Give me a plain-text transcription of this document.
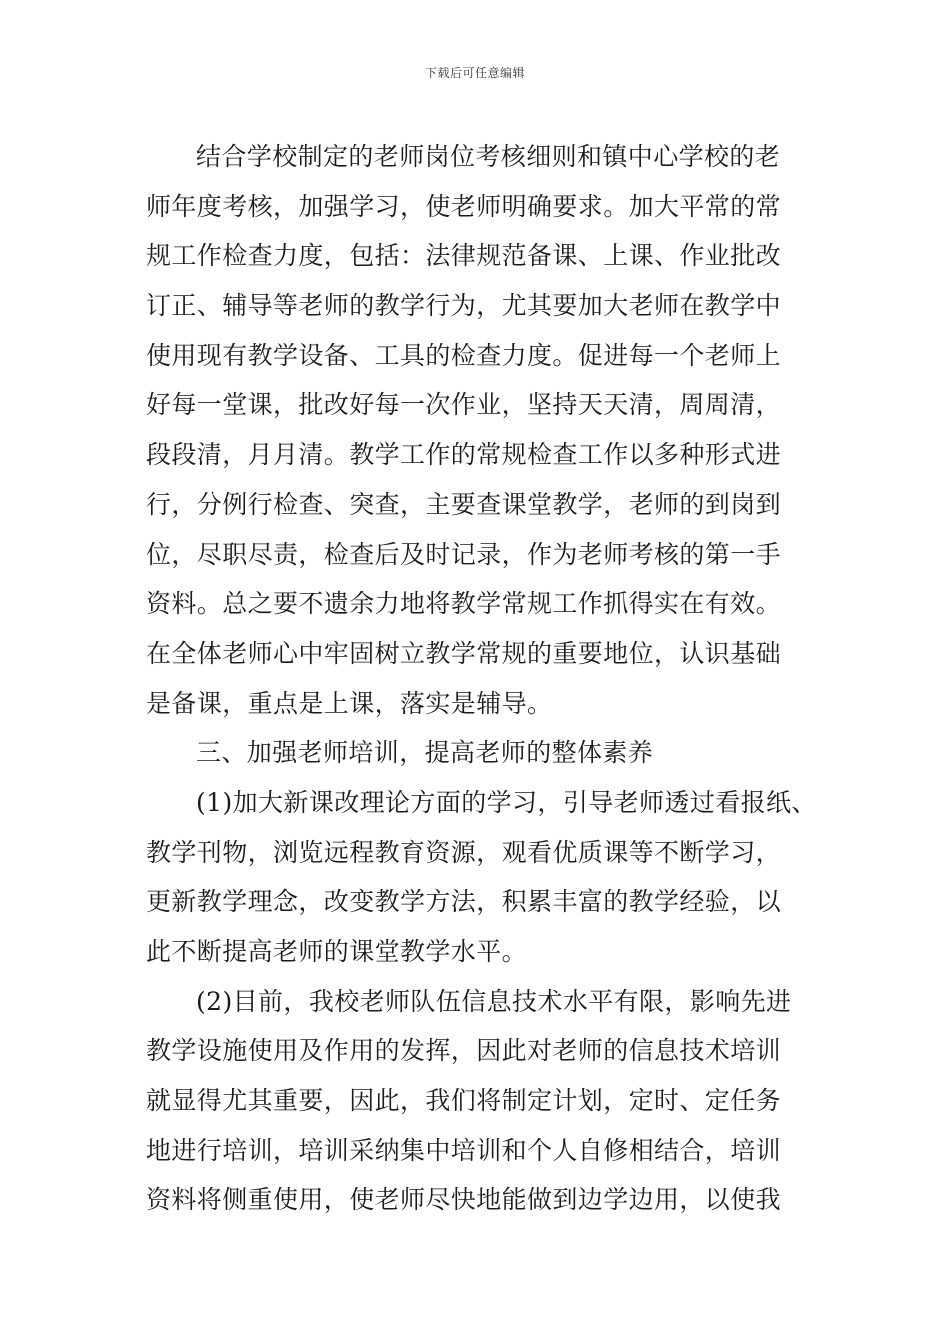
下载后可任意编辑
结合学校制定的老师岗位考核细则和镇中心学校的老
师年度考核，加强学习，使老师明确要求。加大平常的常
规工作检查力度，包括：法律规范备课、上课、作业批改
订正、辅导等老师的教学行为，尤其要加大老师在教学中
使用现有教学设备、工具的检查力度。促进每一个老师上
好每一堂课，批改好每一次作业，坚持天天清，周周清，
段段清，月月清。教学工作的常规检查工作以多种形式进
行，分例行检查、突查，主要查课堂教学，老师的到岗到
位，尽职尽责，检查后及时记录，作为老师考核的第一手
资料。总之要不遗余力地将教学常规工作抓得实在有效。
在全体老师心中牢固树立教学常规的重要地位，认识基础
是备课，重点是上课，落实是辅导。
三、加强老师培训，提高老师的整体素养
(1)加大新课改理论方面的学习，引导老师透过看报纸、
教学刊物，浏览远程教育资源，观看优质课等不断学习，
更新教学理念，改变教学方法，积累丰富的教学经验，以
此不断提高老师的课堂教学水平。
(2)目前，我校老师队伍信息技术水平有限，影响先进
教学设施使用及作用的发挥，因此对老师的信息技术培训
就显得尤其重要，因此，我们将制定计划，定时、定任务
地进行培训，培训采纳集中培训和个人自修相结合，培训
资料将侧重使用，使老师尽快地能做到边学边用，以使我
